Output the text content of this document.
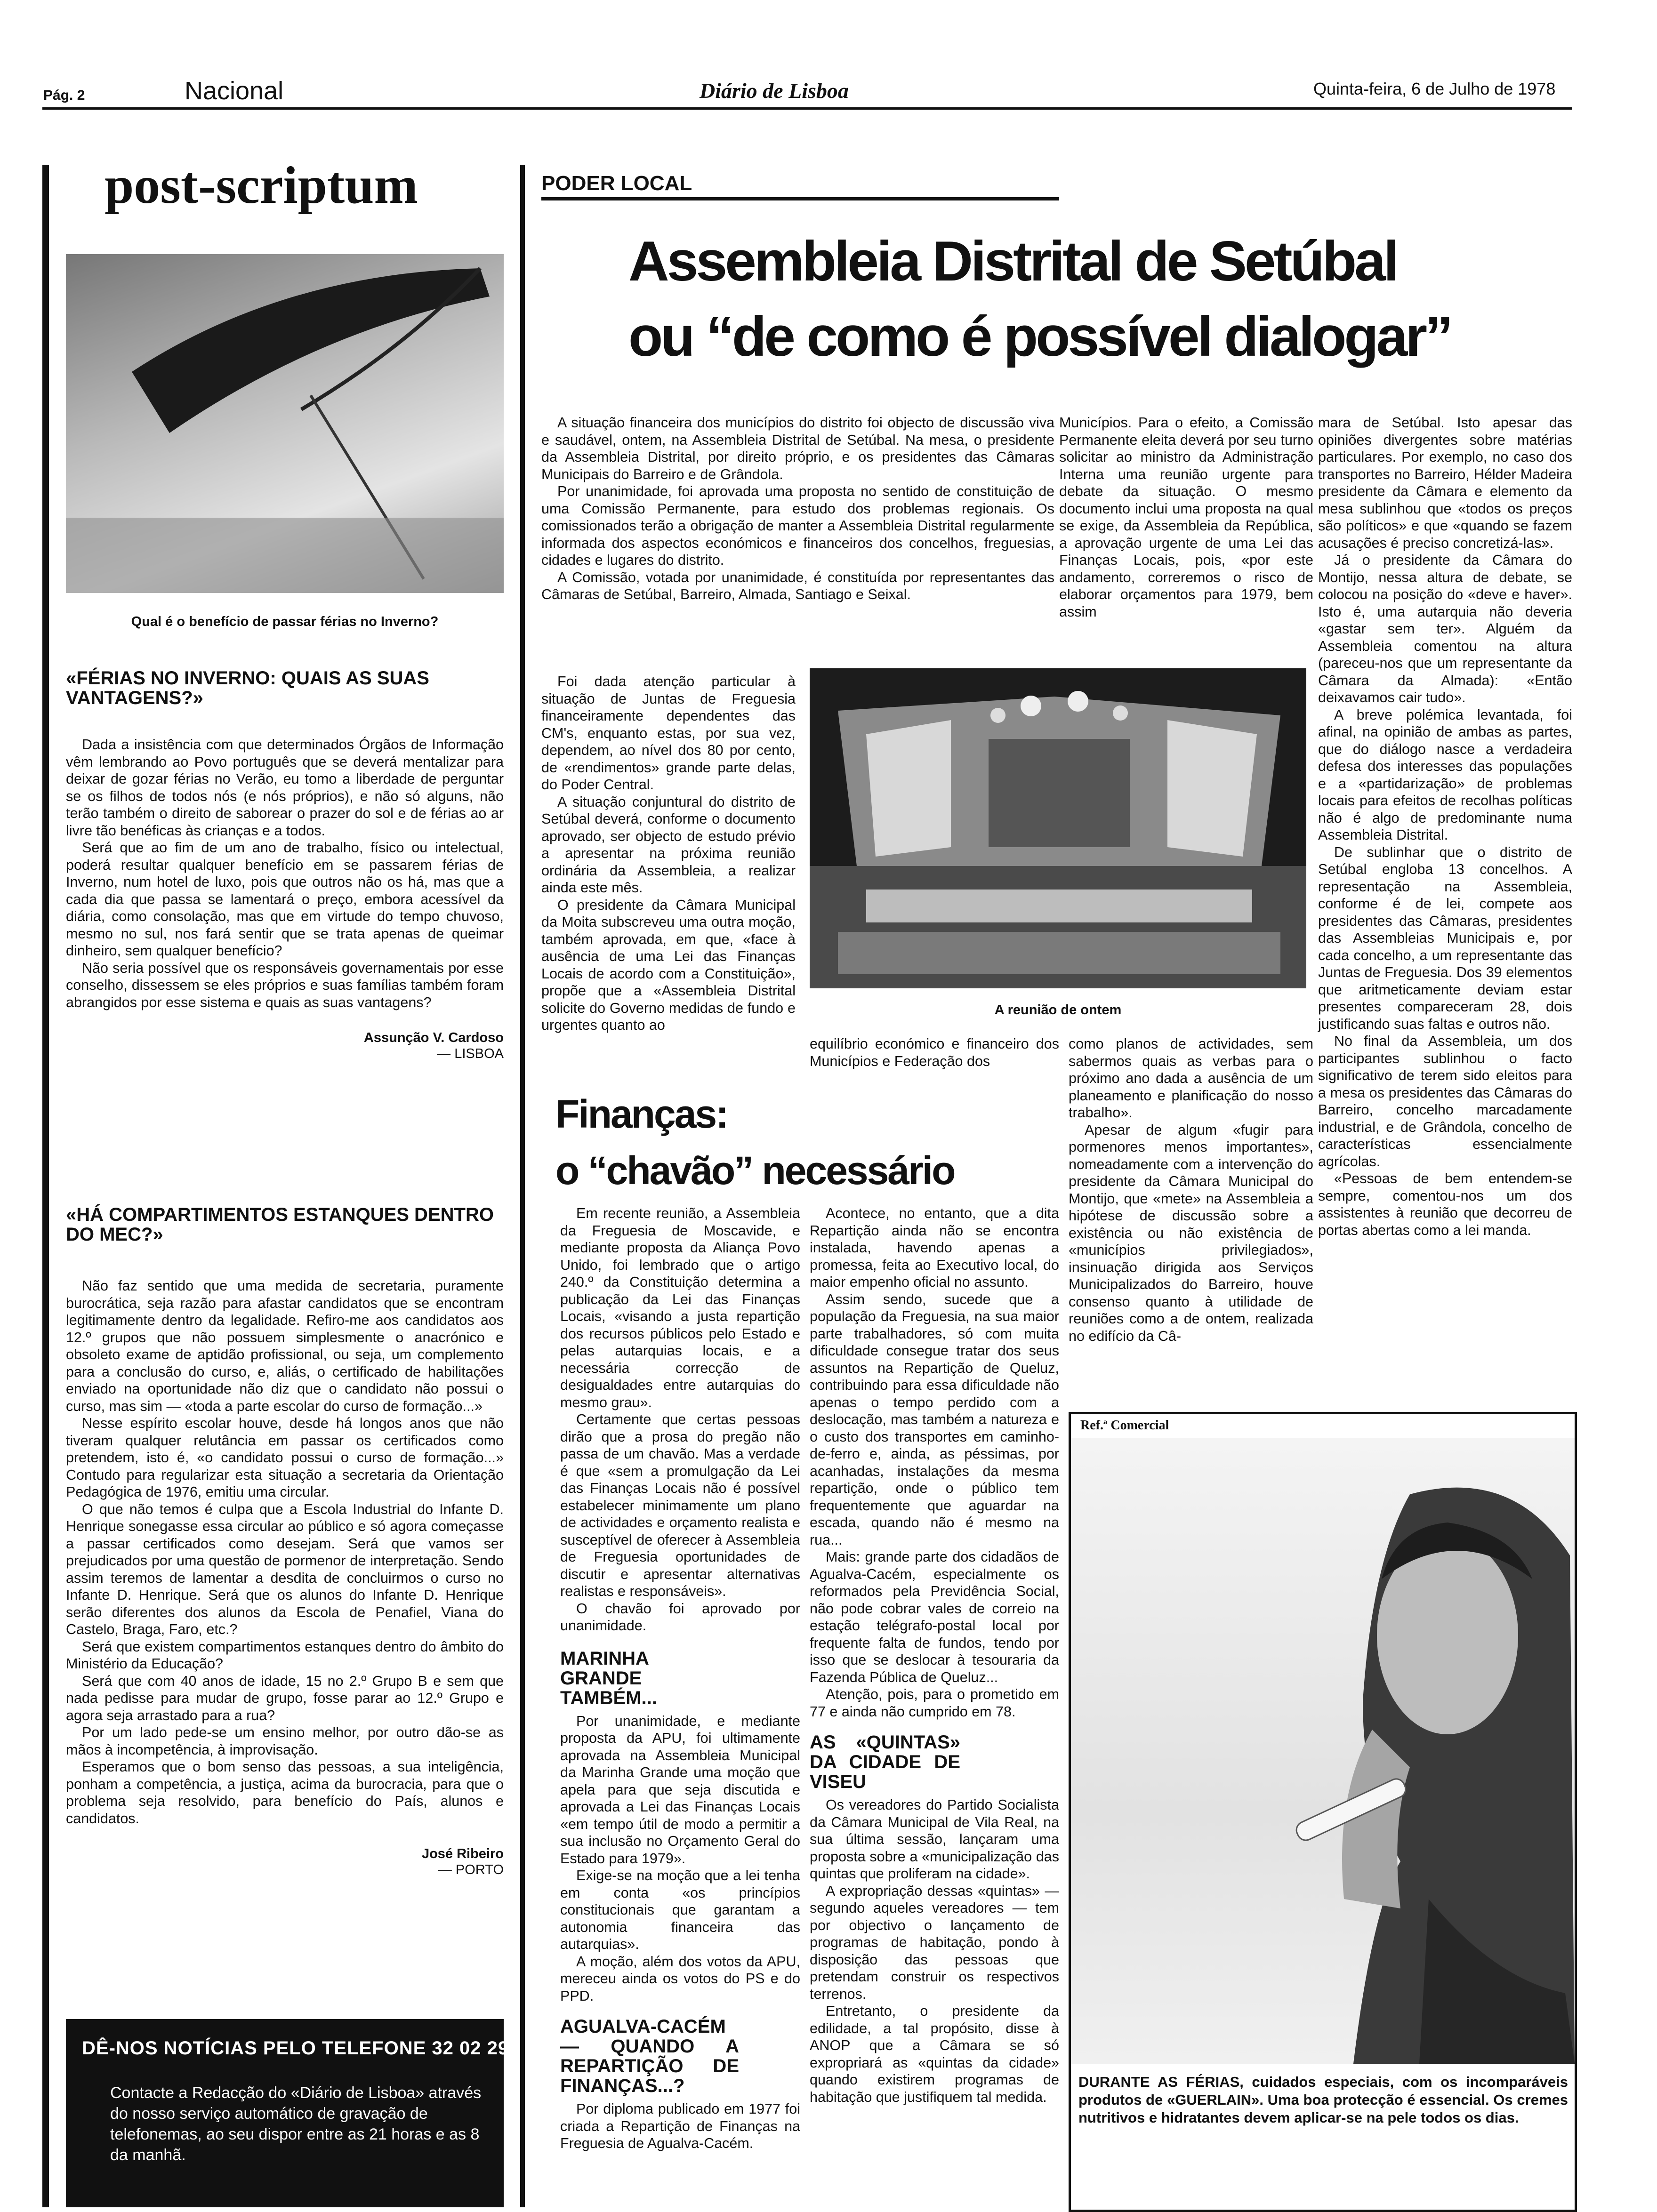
Pág. 2	Nacional	Diário de Lisboa	Quinta-feira, 6 de Julho de 1978
post-scriptum
Qual é o benefício de passar férias no Inverno?
«FÉRIAS NO INVERNO: QUAIS AS SUAS VANTAGENS?»

Dada a insistência com que determinados Órgãos de Informação vêm lembrando ao Povo português que se deverá mentalizar para deixar de gozar férias no Verão, eu tomo a liberdade de perguntar se os filhos de todos nós (e nós próprios), e não só alguns, não terão também o direito de saborear o prazer do sol e de férias ao ar livre tão benéficas às crianças e a todos.

Será que ao fim de um ano de trabalho, físico ou intelectual, poderá resultar qualquer benefício em se passarem férias de Inverno, num hotel de luxo, pois que outros não os há, mas que a cada dia que passa se lamentará o preço, embora acessível da diária, como consolação, mas que em virtude do tempo chuvoso, mesmo no sul, nos fará sentir que se trata apenas de queimar dinheiro, sem qualquer benefício?

Não seria possível que os responsáveis governamentais por esse conselho, dissessem se eles próprios e suas famílias também foram abrangidos por esse sistema e quais as suas vantagens?

Assunção V. Cardoso
— LISBOA
«HÁ COMPARTIMENTOS ESTANQUES DENTRO DO MEC?»

Não faz sentido que uma medida de secretaria, puramente burocrática, seja razão para afastar candidatos que se encontram legitimamente dentro da legalidade. Refiro-me aos candidatos aos 12.º grupos que não possuem simplesmente o anacrónico e obsoleto exame de aptidão profissional, ou seja, um complemento para a conclusão do curso, e, aliás, o certificado de habilitações enviado na oportunidade não diz que o candidato não possui o curso, mas sim — «toda a parte escolar do curso de formação...»

Nesse espírito escolar houve, desde há longos anos que não tiveram qualquer relutância em passar os certificados como pretendem, isto é, «o candidato possui o curso de formação...» Contudo para regularizar esta situação a secretaria da Orientação Pedagógica de 1976, emitiu uma circular.

O que não temos é culpa que a Escola Industrial do Infante D. Henrique sonegasse essa circular ao público e só agora começasse a passar certificados como desejam. Será que vamos ser prejudicados por uma questão de pormenor de interpretação. Sendo assim teremos de lamentar a desdita de concluirmos o curso no Infante D. Henrique. Será que os alunos do Infante D. Henrique serão diferentes dos alunos da Escola de Penafiel, Viana do Castelo, Braga, Faro, etc.?

Será que existem compartimentos estanques dentro do âmbito do Ministério da Educação?

Será que com 40 anos de idade, 15 no 2.º Grupo B e sem que nada pedisse para mudar de grupo, fosse parar ao 12.º Grupo e agora seja arrastado para a rua?

Por um lado pede-se um ensino melhor, por outro dão-se as mãos à incompetência, à improvisação.

Esperamos que o bom senso das pessoas, a sua inteligência, ponham a competência, a justiça, acima da burocracia, para que o problema seja resolvido, para benefício do País, alunos e candidatos.

José Ribeiro
— PORTO
DÊ-NOS NOTÍCIAS PELO TELEFONE 32 02 29
Contacte a Redacção do «Diário de Lisboa» através do nosso serviço automático de gravação de telefonemas, ao seu dispor entre as 21 horas e as 8 da manhã.
PODER LOCAL
Assembleia Distrital de Setúbal
ou “de como é possível dialogar”

A situação financeira dos municípios do distrito foi objecto de discussão viva e saudável, ontem, na Assembleia Distrital de Setúbal. Na mesa, o presidente da Assembleia Distrital, por direito próprio, e os presidentes das Câmaras Municipais do Barreiro e de Grândola.

Por unanimidade, foi aprovada uma proposta no sentido de constituição de uma Comissão Permanente, para estudo dos problemas regionais. Os comissionados terão a obrigação de manter a Assembleia Distrital regularmente informada dos aspectos económicos e financeiros dos concelhos, freguesias, cidades e lugares do distrito.

A Comissão, votada por unanimidade, é constituída por representantes das Câmaras de Setúbal, Barreiro, Almada, Santiago e Seixal.

Municípios. Para o efeito, a Comissão Permanente eleita deverá por seu turno solicitar ao ministro da Administração Interna uma reunião urgente para debate da situação. O mesmo documento inclui uma proposta na qual se exige, da Assembleia da República, a aprovação urgente de uma Lei das Finanças Locais, pois, «por este andamento, correremos o risco de elaborar orçamentos para 1979, bem assim

mara de Setúbal. Isto apesar das opiniões divergentes sobre matérias particulares. Por exemplo, no caso dos transportes no Barreiro, Hélder Madeira presidente da Câmara e elemento da mesa sublinhou que «todos os preços são políticos» e que «quando se fazem acusações é preciso concretizá-las».

Já o presidente da Câmara do Montijo, nessa altura de debate, se colocou na posição do «deve e haver». Isto é, uma autarquia não deveria «gastar sem ter». Alguém da Assembleia comentou na altura (pareceu-nos que um representante da Câmara da Almada): «Então deixavamos cair tudo».

A breve polémica levantada, foi afinal, na opinião de ambas as partes, que do diálogo nasce a verdadeira defesa dos interesses das populações e a «partidarização» de problemas locais para efeitos de recolhas políticas não é algo de predominante numa Assembleia Distrital.

De sublinhar que o distrito de Setúbal engloba 13 concelhos. A representação na Assembleia, conforme é de lei, compete aos presidentes das Câmaras, presidentes das Assembleias Municipais e, por cada concelho, a um representante das Juntas de Freguesia. Dos 39 elementos que aritmeticamente deviam estar presentes compareceram 28, dois justificando suas faltas e outros não.

No final da Assembleia, um dos participantes sublinhou o facto significativo de terem sido eleitos para a mesa os presidentes das Câmaras do Barreiro, concelho marcadamente industrial, e de Grândola, concelho de características essencialmente agrícolas.

«Pessoas de bem entendem-se sempre, comentou-nos um dos assistentes à reunião que decorreu de portas abertas como a lei manda.

Foi dada atenção particular à situação de Juntas de Freguesia financeiramente dependentes das CM's, enquanto estas, por sua vez, dependem, ao nível dos 80 por cento, de «rendimentos» grande parte delas, do Poder Central.

A situação conjuntural do distrito de Setúbal deverá, conforme o documento aprovado, ser objecto de estudo prévio a apresentar na próxima reunião ordinária da Assembleia, a realizar ainda este mês.

O presidente da Câmara Municipal da Moita subscreveu uma outra moção, também aprovada, em que, «face à ausência de uma Lei das Finanças Locais de acordo com a Constituição», propõe que a «Assembleia Distrital solicite do Governo medidas de fundo e urgentes quanto ao

A reunião de ontem

equilíbrio económico e financeiro dos Municípios e Federação dos

como planos de actividades, sem sabermos quais as verbas para o próximo ano dada a ausência de um planeamento e planificação do nosso trabalho».

Apesar de algum «fugir para pormenores menos importantes», nomeadamente com a intervenção do presidente da Câmara Municipal do Montijo, que «mete» na Assembleia a hipótese de discussão sobre a existência ou não existência de «municípios privilegiados», insinuação dirigida aos Serviços Municipalizados do Barreiro, houve consenso quanto à utilidade de reuniões como a de ontem, realizada no edifício da Câ-

Finanças:
o “chavão” necessário

Em recente reunião, a Assembleia da Freguesia de Moscavide, e mediante proposta da Aliança Povo Unido, foi lembrado que o artigo 240.º da Constituição determina a publicação da Lei das Finanças Locais, «visando a justa repartição dos recursos públicos pelo Estado e pelas autarquias locais, e a necessária correcção de desigualdades entre autarquias do mesmo grau».

Certamente que certas pessoas dirão que a prosa do pregão não passa de um chavão. Mas a verdade é que «sem a promulgação da Lei das Finanças Locais não é possível estabelecer minimamente um plano de actividades e orçamento realista e susceptível de oferecer à Assembleia de Freguesia oportunidades de discutir e apresentar alternativas realistas e responsáveis».

O chavão foi aprovado por unanimidade.

MARINHA GRANDE TAMBÉM...

Por unanimidade, e mediante proposta da APU, foi ultimamente aprovada na Assembleia Municipal da Marinha Grande uma moção que apela para que seja discutida e aprovada a Lei das Finanças Locais «em tempo útil de modo a permitir a sua inclusão no Orçamento Geral do Estado para 1979».

Exige-se na moção que a lei tenha em conta «os princípios constitucionais que garantam a autonomia financeira das autarquias».

A moção, além dos votos da APU, mereceu ainda os votos do PS e do PPD.

AGUALVA-CACÉM — QUANDO A REPARTIÇÃO DE FINANÇAS...?

Por diploma publicado em 1977 foi criada a Repartição de Finanças na Freguesia de Agualva-Cacém.

Acontece, no entanto, que a dita Repartição ainda não se encontra instalada, havendo apenas a promessa, feita ao Executivo local, do maior empenho oficial no assunto.

Assim sendo, sucede que a população da Freguesia, na sua maior parte trabalhadores, só com muita dificuldade consegue tratar dos seus assuntos na Repartição de Queluz, contribuindo para essa dificuldade não apenas o tempo perdido com a deslocação, mas também a natureza e o custo dos transportes em caminho-de-ferro e, ainda, as péssimas, por acanhadas, instalações da mesma repartição, onde o público tem frequentemente que aguardar na escada, quando não é mesmo na rua...

Mais: grande parte dos cidadãos de Agualva-Cacém, especialmente os reformados pela Previdência Social, não pode cobrar vales de correio na estação telégrafo-postal local por frequente falta de fundos, tendo por isso que se deslocar à tesouraria da Fazenda Pública de Queluz...

Atenção, pois, para o prometido em 77 e ainda não cumprido em 78.

AS «QUINTAS» DA CIDADE DE VISEU

Os vereadores do Partido Socialista da Câmara Municipal de Vila Real, na sua última sessão, lançaram uma proposta sobre a «municipalização das quintas que proliferam na cidade».

A expropriação dessas «quintas» — segundo aqueles vereadores — tem por objectivo o lançamento de programas de habitação, pondo à disposição das pessoas que pretendam construir os respectivos terrenos.

Entretanto, o presidente da edilidade, a tal propósito, disse à ANOP que a Câmara se só expropriará as «quintas da cidade» quando existirem programas de habitação que justifiquem tal medida.

Ref.ª Comercial
DURANTE AS FÉRIAS, cuidados especiais, com os incomparáveis produtos de «GUERLAIN». Uma boa protecção é essencial. Os cremes nutritivos e hidratantes devem aplicar-se na pele todos os dias.
